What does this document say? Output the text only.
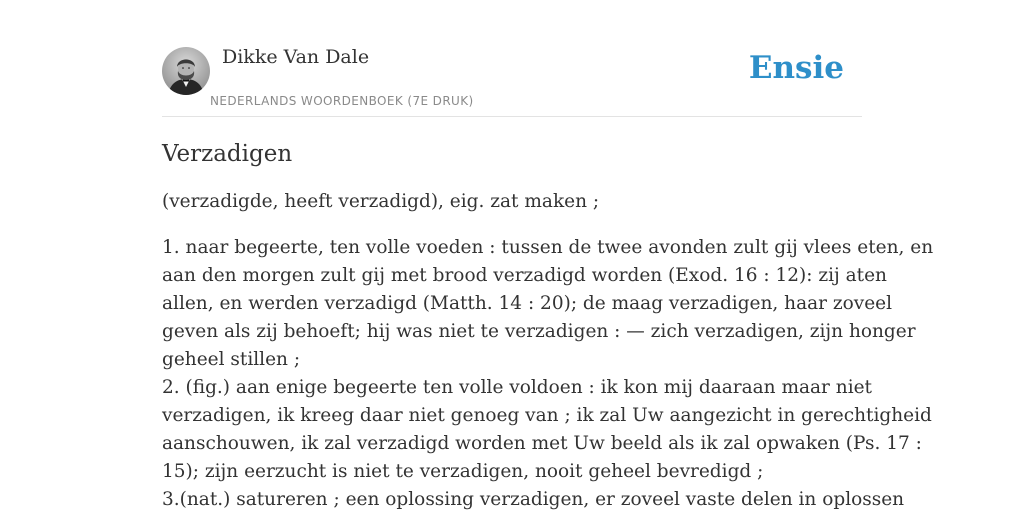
Dikke Van Dale
NEDERLANDS WOORDENBOEK (7E DRUK)
Ensie
Verzadigen

(verzadigde, heeft verzadigd), eig. zat maken ;

1. naar begeerte, ten volle voeden : tussen de twee avonden zult gij vlees eten, en
aan den morgen zult gij met brood verzadigd worden (Exod. 16 : 12): zij aten
allen, en werden verzadigd (Matth. 14 : 20); de maag verzadigen, haar zoveel
geven als zij behoeft; hij was niet te verzadigen : — zich verzadigen, zijn honger
geheel stillen ;
2. (fig.) aan enige begeerte ten volle voldoen : ik kon mij daaraan maar niet
verzadigen, ik kreeg daar niet genoeg van ; ik zal Uw aangezicht in gerechtigheid
aanschouwen, ik zal verzadigd worden met Uw beeld als ik zal opwaken (Ps. 17 :
15); zijn eerzucht is niet te verzadigen, nooit geheel bevredigd ;
3.(nat.) satureren ; een oplossing verzadigen, er zoveel vaste delen in oplossen
